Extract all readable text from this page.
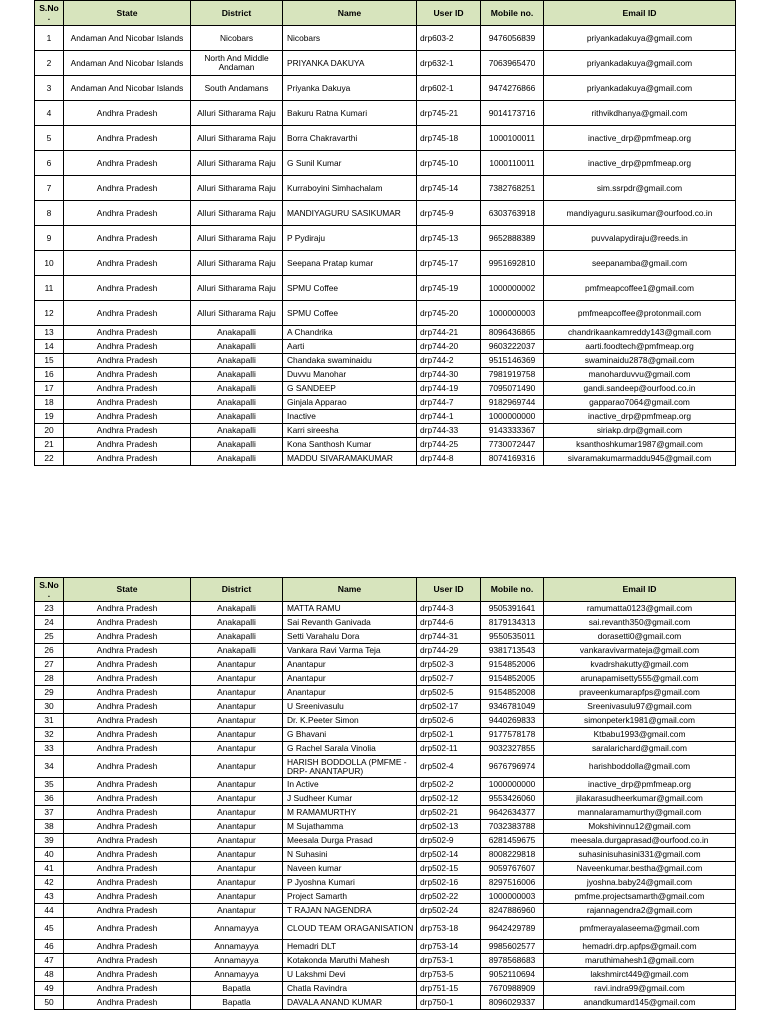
S.No .	State	District	Name	User ID	Mobile no.	Email ID
1	Andaman And Nicobar Islands	Nicobars	Nicobars	drp603-2	9476056839	priyankadakuya@gmail.com
2	Andaman And Nicobar Islands	North And Middle Andaman	PRIYANKA DAKUYA	drp632-1	7063965470	priyankadakuya@gmail.com
3	Andaman And Nicobar Islands	South Andamans	Priyanka Dakuya	drp602-1	9474276866	priyankadakuya@gmail.com
4	Andhra Pradesh	Alluri Sitharama Raju	Bakuru Ratna Kumari	drp745-21	9014173716	rithvikdhanya@gmail.com
5	Andhra Pradesh	Alluri Sitharama Raju	Borra Chakravarthi	drp745-18	1000100011	inactive_drp@pmfmeap.org
6	Andhra Pradesh	Alluri Sitharama Raju	G Sunil Kumar	drp745-10	1000110011	inactive_drp@pmfmeap.org
7	Andhra Pradesh	Alluri Sitharama Raju	Kurraboyini Simhachalam	drp745-14	7382768251	sim.ssrpdr@gmail.com
8	Andhra Pradesh	Alluri Sitharama Raju	MANDIYAGURU SASIKUMAR	drp745-9	6303763918	mandiyaguru.sasikumar@ourfood.co.in
9	Andhra Pradesh	Alluri Sitharama Raju	P Pydiraju	drp745-13	9652888389	puvvalapydiraju@reeds.in
10	Andhra Pradesh	Alluri Sitharama Raju	Seepana Pratap kumar	drp745-17	9951692810	seepanamba@gmail.com
11	Andhra Pradesh	Alluri Sitharama Raju	SPMU Coffee	drp745-19	1000000002	pmfmeapcoffee1@gmail.com
12	Andhra Pradesh	Alluri Sitharama Raju	SPMU Coffee	drp745-20	1000000003	pmfmeapcoffee@protonmail.com
13	Andhra Pradesh	Anakapalli	A Chandrika	drp744-21	8096436865	chandrikaankamreddy143@gmail.com
14	Andhra Pradesh	Anakapalli	Aarti	drp744-20	9603222037	aarti.foodtech@pmfmeap.org
15	Andhra Pradesh	Anakapalli	Chandaka swaminaidu	drp744-2	9515146369	swaminaidu2878@gmail.com
16	Andhra Pradesh	Anakapalli	Duvvu Manohar	drp744-30	7981919758	manoharduvvu@gmail.com
17	Andhra Pradesh	Anakapalli	G SANDEEP	drp744-19	7095071490	gandi.sandeep@ourfood.co.in
18	Andhra Pradesh	Anakapalli	Ginjala Apparao	drp744-7	9182969744	gapparao7064@gmail.com
19	Andhra Pradesh	Anakapalli	Inactive	drp744-1	1000000000	inactive_drp@pmfmeap.org
20	Andhra Pradesh	Anakapalli	Karri sireesha	drp744-33	9143333367	siriakp.drp@gmail.com
21	Andhra Pradesh	Anakapalli	Kona Santhosh Kumar	drp744-25	7730072447	ksanthoshkumar1987@gmail.com
22	Andhra Pradesh	Anakapalli	MADDU SIVARAMAKUMAR	drp744-8	8074169316	sivaramakumarmaddu945@gmail.com
S.No .	State	District	Name	User ID	Mobile no.	Email ID
23	Andhra Pradesh	Anakapalli	MATTA RAMU	drp744-3	9505391641	ramumatta0123@gmail.com
24	Andhra Pradesh	Anakapalli	Sai Revanth Ganivada	drp744-6	8179134313	sai.revanth350@gmail.com
25	Andhra Pradesh	Anakapalli	Setti Varahalu Dora	drp744-31	9550535011	dorasetti0@gmail.com
26	Andhra Pradesh	Anakapalli	Vankara Ravi Varma Teja	drp744-29	9381713543	vankaravivarmateja@gmail.com
27	Andhra Pradesh	Anantapur	Anantapur	drp502-3	9154852006	kvadrshakutty@gmail.com
28	Andhra Pradesh	Anantapur	Anantapur	drp502-7	9154852005	arunapamisetty555@gmail.com
29	Andhra Pradesh	Anantapur	Anantapur	drp502-5	9154852008	praveenkumarapfps@gmail.com
30	Andhra Pradesh	Anantapur	U Sreenivasulu	drp502-17	9346781049	Sreenivasulu97@gmail.com
31	Andhra Pradesh	Anantapur	Dr. K.Peeter Simon	drp502-6	9440269833	simonpeterk1981@gmail.com
32	Andhra Pradesh	Anantapur	G Bhavani	drp502-1	9177578178	Ktbabu1993@gmail.com
33	Andhra Pradesh	Anantapur	G Rachel Sarala Vinolia	drp502-11	9032327855	saralarichard@gmail.com
34	Andhra Pradesh	Anantapur	HARISH BODDOLLA (PMFME -DRP- ANANTAPUR)	drp502-4	9676796974	harishboddolla@gmail.com
35	Andhra Pradesh	Anantapur	In Active	drp502-2	1000000000	inactive_drp@pmfmeap.org
36	Andhra Pradesh	Anantapur	J Sudheer Kumar	drp502-12	9553426060	jilakarasudheerkumar@gmail.com
37	Andhra Pradesh	Anantapur	M RAMAMURTHY	drp502-21	9642634377	mannalaramamurthy@gmail.com
38	Andhra Pradesh	Anantapur	M Sujathamma	drp502-13	7032383788	Mokshivinnu12@gmail.com
39	Andhra Pradesh	Anantapur	Meesala Durga Prasad	drp502-9	6281459675	meesala.durgaprasad@ourfood.co.in
40	Andhra Pradesh	Anantapur	N Suhasini	drp502-14	8008229818	suhasinisuhasini331@gmail.com
41	Andhra Pradesh	Anantapur	Naveen kumar	drp502-15	9059767607	Naveenkumar.bestha@gmail.com
42	Andhra Pradesh	Anantapur	P Jyoshna Kumari	drp502-16	8297516006	jyoshna.baby24@gmail.com
43	Andhra Pradesh	Anantapur	Project Samarth	drp502-22	1000000003	pmfme.projectsamarth@gmail.com
44	Andhra Pradesh	Anantapur	T RAJAN NAGENDRA	drp502-24	8247886960	rajannagendra2@gmail.com
45	Andhra Pradesh	Annamayya	CLOUD TEAM ORAGANISATION	drp753-18	9642429789	pmfmerayalaseema@gmail.com
46	Andhra Pradesh	Annamayya	Hemadri DLT	drp753-14	9985602577	hemadri.drp.apfps@gmail.com
47	Andhra Pradesh	Annamayya	Kotakonda Maruthi Mahesh	drp753-1	8978568683	maruthimahesh1@gmail.com
48	Andhra Pradesh	Annamayya	U Lakshmi Devi	drp753-5	9052110694	lakshmirct449@gmail.com
49	Andhra Pradesh	Bapatla	Chatla Ravindra	drp751-15	7670988909	ravi.indra99@gmail.com
50	Andhra Pradesh	Bapatla	DAVALA ANAND KUMAR	drp750-1	8096029337	anandkumard145@gmail.com
